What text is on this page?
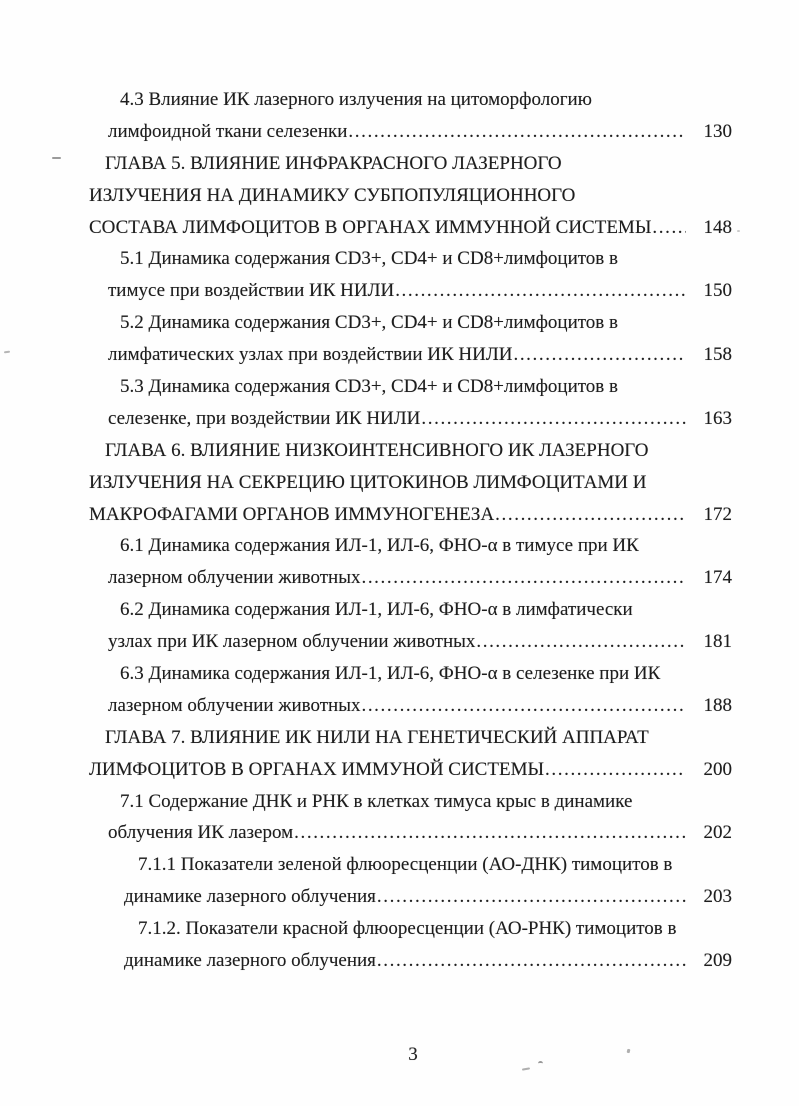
4.3 Влияние ИК лазерного излучения на цитоморфологию
лимфоидной ткани селезенки .....	130
ГЛАВА 5. ВЛИЯНИЕ ИНФРАКРАСНОГО ЛАЗЕРНОГО
ИЗЛУЧЕНИЯ НА ДИНАМИКУ СУБПОПУЛЯЦИОННОГО
СОСТАВА ЛИМФОЦИТОВ В ОРГАНАХ ИММУННОЙ СИСТЕМЫ .....	148
5.1 Динамика содержания CD3+, CD4+ и CD8+лимфоцитов в
тимусе при воздействии ИК НИЛИ .....	150
5.2 Динамика содержания CD3+, CD4+ и CD8+лимфоцитов в
лимфатических узлах при воздействии ИК НИЛИ .....	158
5.3 Динамика содержания CD3+, CD4+ и CD8+лимфоцитов в
селезенке, при воздействии ИК НИЛИ .....	163
ГЛАВА 6. ВЛИЯНИЕ НИЗКОИНТЕНСИВНОГО ИК ЛАЗЕРНОГО
ИЗЛУЧЕНИЯ НА СЕКРЕЦИЮ ЦИТОКИНОВ ЛИМФОЦИТАМИ И
МАКРОФАГАМИ ОРГАНОВ ИММУНОГЕНЕЗА .....	172
6.1 Динамика содержания ИЛ-1, ИЛ-6, ФНО-α в тимусе при ИК
лазерном облучении животных .....	174
6.2 Динамика содержания ИЛ-1, ИЛ-6, ФНО-α в лимфатически
узлах при ИК лазерном облучении животных .....	181
6.3 Динамика содержания ИЛ-1, ИЛ-6, ФНО-α в селезенке при ИК
лазерном облучении животных .....	188
ГЛАВА 7. ВЛИЯНИЕ ИК НИЛИ НА ГЕНЕТИЧЕСКИЙ АППАРАТ
ЛИМФОЦИТОВ В ОРГАНАХ ИММУНОЙ СИСТЕМЫ .....	200
7.1 Содержание ДНК и РНК в клетках тимуса крыс в динамике
облучения ИК лазером .....	202
7.1.1 Показатели зеленой флюоресценции (АО-ДНК) тимоцитов в
динамике лазерного облучения .....	203
7.1.2. Показатели красной флюоресценции (АО-РНК) тимоцитов в
динамике лазерного облучения .....	209
3
